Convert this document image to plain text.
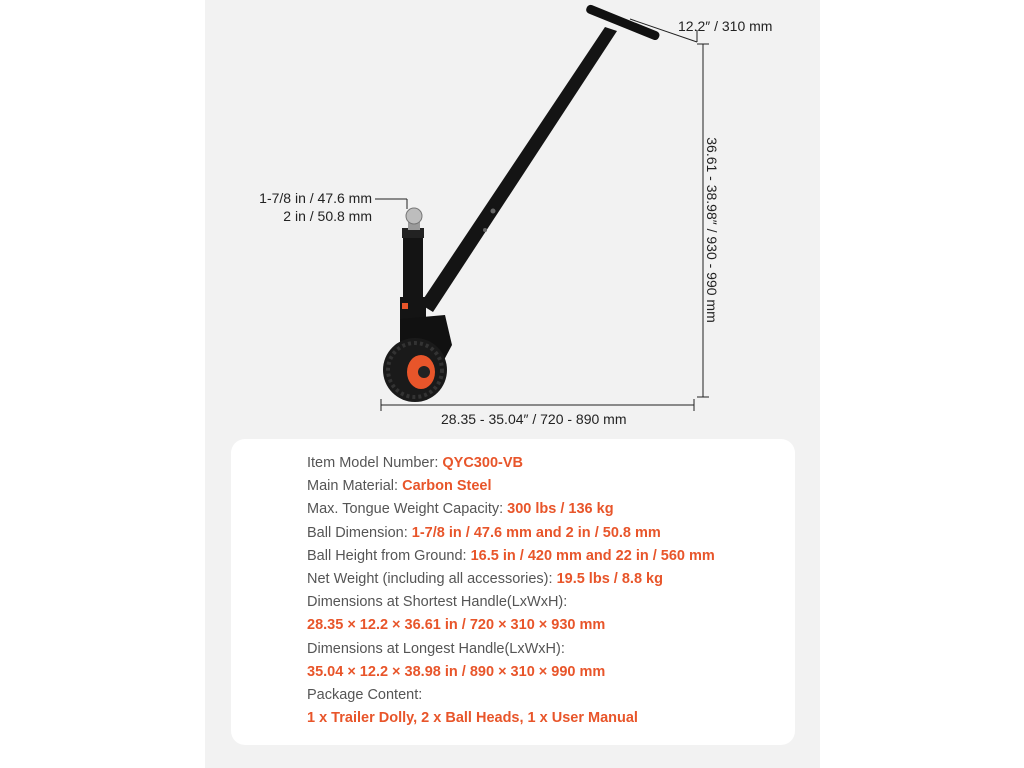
12.2″ / 310 mm
36.61 - 38.98″ / 930 - 990 mm
28.35 - 35.04″ / 720 - 890 mm
1-7/8 in / 47.6 mm
2 in / 50.8 mm
Item Model Number: QYC300-VB
Main Material: Carbon Steel
Max. Tongue Weight Capacity: 300 lbs / 136 kg
Ball Dimension: 1-7/8 in / 47.6 mm and 2 in / 50.8 mm
Ball Height from Ground: 16.5 in / 420 mm and 22 in / 560 mm
Net Weight (including all accessories): 19.5 lbs / 8.8 kg
Dimensions at Shortest Handle(LxWxH):
28.35 × 12.2 × 36.61 in / 720 × 310 × 930 mm
Dimensions at Longest Handle(LxWxH):
35.04 × 12.2 × 38.98 in / 890 × 310 × 990 mm
Package Content:
1 x Trailer Dolly, 2 x Ball Heads, 1 x User Manual
